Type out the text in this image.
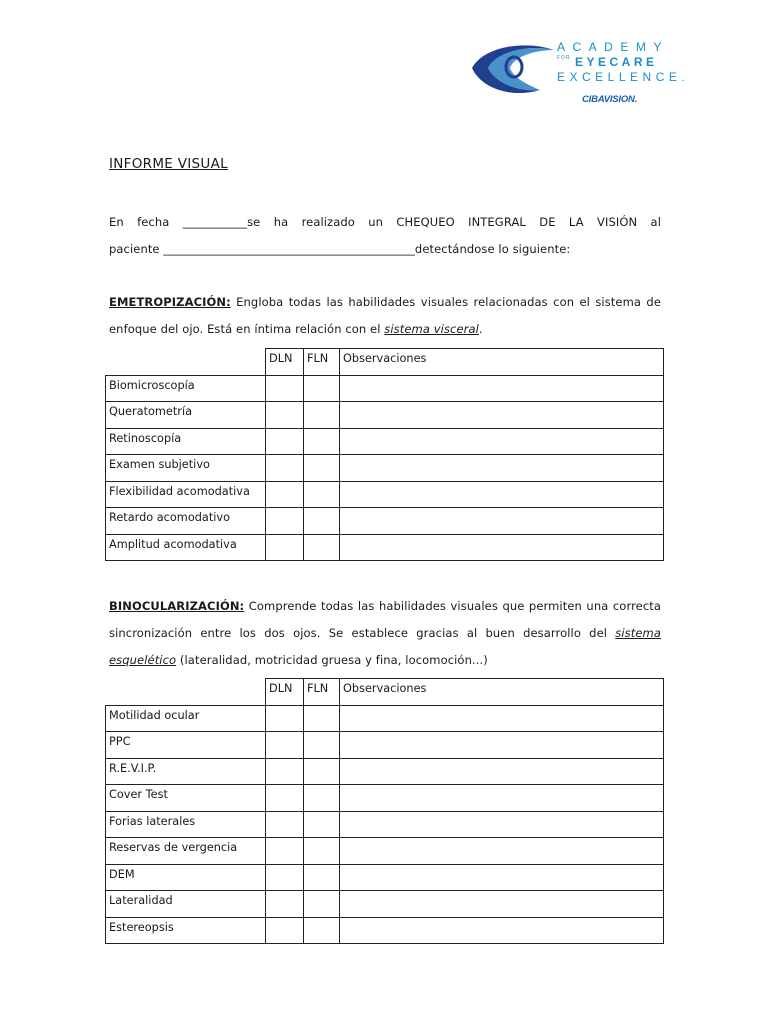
ACADEMY
FOR EYECARE
EXCELLENCE.
CIBAVISION.
INFORME VISUAL
En fecha ___________se ha realizado un CHEQUEO INTEGRAL DE LA VISIÓN al
paciente ___________________________________________detectándose lo siguiente:
EMETROPIZACIÓN: Engloba todas las habilidades visuales relacionadas con el sistema de enfoque del ojo. Está en íntima relación con el sistema visceral.
	DLN	FLN	Observaciones
Biomicroscopía			
Queratometría			
Retinoscopía			
Examen subjetivo			
Flexibilidad acomodativa			
Retardo acomodativo			
Amplitud acomodativa			
BINOCULARIZACIÓN: Comprende todas las habilidades visuales que permiten una correcta sincronización entre los dos ojos. Se establece gracias al buen desarrollo del sistema esquelético (lateralidad, motricidad gruesa y fina, locomoción...)
	DLN	FLN	Observaciones
Motilidad ocular			
PPC			
R.E.V.I.P.			
Cover Test			
Forias laterales			
Reservas de vergencia			
DEM			
Lateralidad			
Estereopsis			
